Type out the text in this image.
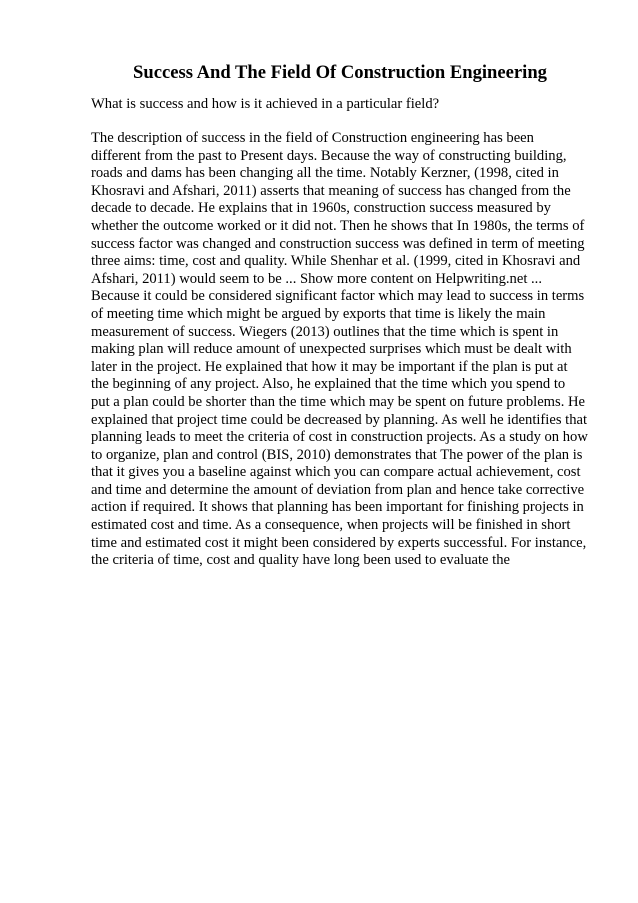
Success And The Field Of Construction Engineering

What is success and how is it achieved in a particular field?

The description of success in the field of Construction engineering has been
different from the past to Present days. Because the way of constructing building,
roads and dams has been changing all the time. Notably Kerzner, (1998, cited in
Khosravi and Afshari, 2011) asserts that meaning of success has changed from the
decade to decade. He explains that in 1960s, construction success measured by
whether the outcome worked or it did not. Then he shows that In 1980s, the terms of
success factor was changed and construction success was defined in term of meeting
three aims: time, cost and quality. While Shenhar et al. (1999, cited in Khosravi and
Afshari, 2011) would seem to be ... Show more content on Helpwriting.net ...
Because it could be considered significant factor which may lead to success in terms
of meeting time which might be argued by exports that time is likely the main
measurement of success. Wiegers (2013) outlines that the time which is spent in
making plan will reduce amount of unexpected surprises which must be dealt with
later in the project. He explained that how it may be important if the plan is put at
the beginning of any project. Also, he explained that the time which you spend to
put a plan could be shorter than the time which may be spent on future problems. He
explained that project time could be decreased by planning. As well he identifies that
planning leads to meet the criteria of cost in construction projects. As a study on how
to organize, plan and control (BIS, 2010) demonstrates that The power of the plan is
that it gives you a baseline against which you can compare actual achievement, cost
and time and determine the amount of deviation from plan and hence take corrective
action if required. It shows that planning has been important for finishing projects in
estimated cost and time. As a consequence, when projects will be finished in short
time and estimated cost it might been considered by experts successful. For instance,
the criteria of time, cost and quality have long been used to evaluate the
